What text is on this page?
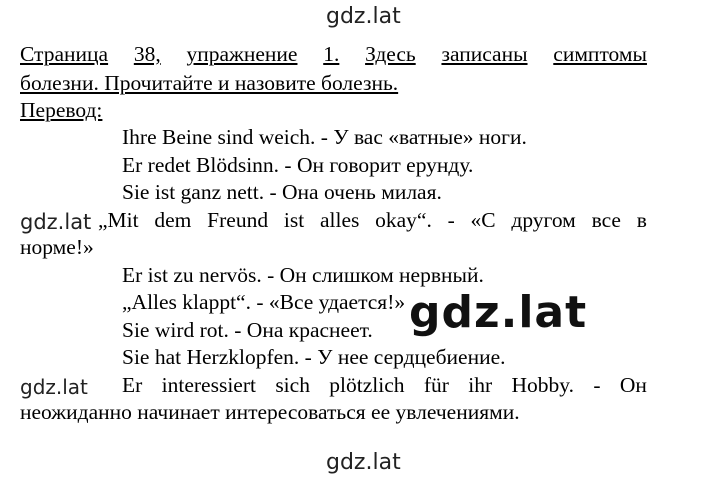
gdz.lat
Страница 38, упражнение 1. Здесь записаны симптомы
болезни. Прочитайте и назовите болезнь.
Перевод:
Ihre Beine sind weich. - У вас «ватные» ноги.
Er redet Blödsinn. - Он говорит ерунду.
Sie ist ganz nett. - Она очень милая.
„Mit dem Freund ist alles okay“. - «С другом все в
норме!»
Er ist zu nervös. - Он слишком нервный.
„Alles klappt“. - «Все удается!»
Sie wird rot. - Она краснеет.
Sie hat Herzklopfen. - У нее сердцебиение.
Er interessiert sich plötzlich für ihr Hobby. - Он
неожиданно начинает интересоваться ее увлечениями.
gdz.lat
gdz.lat
gdz.lat
gdz.lat
